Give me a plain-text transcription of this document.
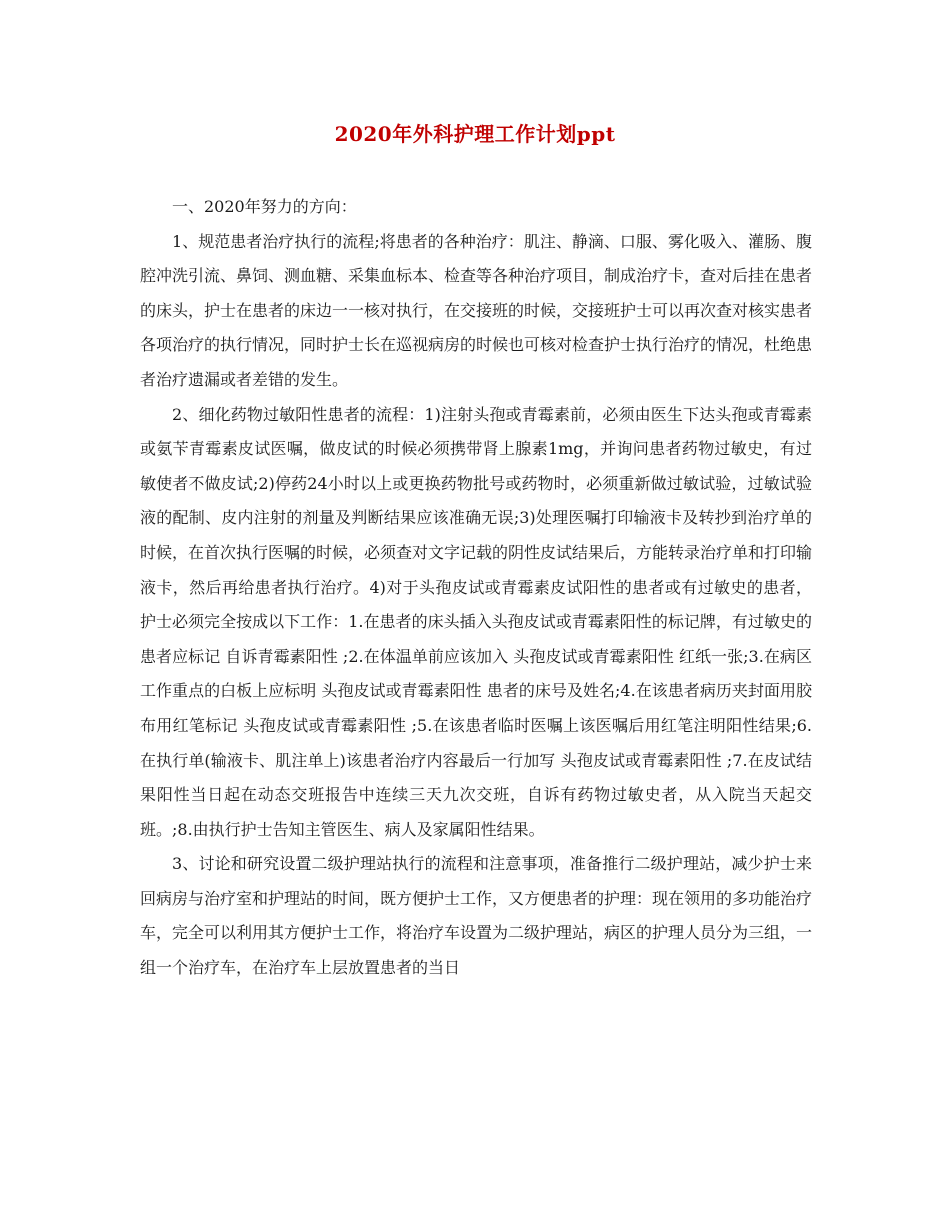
2020年外科护理工作计划ppt

一、2020年努力的方向：

1、规范患者治疗执行的流程;将患者的各种治疗：肌注、静滴、口服、雾化吸入、灌肠、腹腔冲洗引流、鼻饲、测血糖、采集血标本、检查等各种治疗项目，制成治疗卡，查对后挂在患者的床头，护士在患者的床边一一核对执行，在交接班的时候，交接班护士可以再次查对核实患者各项治疗的执行情况，同时护士长在巡视病房的时候也可核对检查护士执行治疗的情况，杜绝患者治疗遗漏或者差错的发生。

2、细化药物过敏阳性患者的流程：1)注射头孢或青霉素前，必须由医生下达头孢或青霉素或氨苄青霉素皮试医嘱，做皮试的时候必须携带肾上腺素1mg，并询问患者药物过敏史，有过敏使者不做皮试;2)停药24小时以上或更换药物批号或药物时，必须重新做过敏试验，过敏试验液的配制、皮内注射的剂量及判断结果应该准确无误;3)处理医嘱打印输液卡及转抄到治疗单的时候，在首次执行医嘱的时候，必须查对文字记载的阴性皮试结果后，方能转录治疗单和打印输液卡，然后再给患者执行治疗。4)对于头孢皮试或青霉素皮试阳性的患者或有过敏史的患者，护士必须完全按成以下工作：1.在患者的床头插入头孢皮试或青霉素阳性的标记牌，有过敏史的患者应标记 自诉青霉素阳性 ;2.在体温单前应该加入 头孢皮试或青霉素阳性 红纸一张;3.在病区工作重点的白板上应标明 头孢皮试或青霉素阳性 患者的床号及姓名;4.在该患者病历夹封面用胶布用红笔标记 头孢皮试或青霉素阳性 ;5.在该患者临时医嘱上该医嘱后用红笔注明阳性结果;6.在执行单(输液卡、肌注单上)该患者治疗内容最后一行加写 头孢皮试或青霉素阳性 ;7.在皮试结果阳性当日起在动态交班报告中连续三天九次交班，自诉有药物过敏史者，从入院当天起交班。;8.由执行护士告知主管医生、病人及家属阳性结果。

3、讨论和研究设置二级护理站执行的流程和注意事项，准备推行二级护理站，减少护士来回病房与治疗室和护理站的时间，既方便护士工作，又方便患者的护理：现在领用的多功能治疗车，完全可以利用其方便护士工作，将治疗车设置为二级护理站，病区的护理人员分为三组，一组一个治疗车，在治疗车上层放置患者的当日
